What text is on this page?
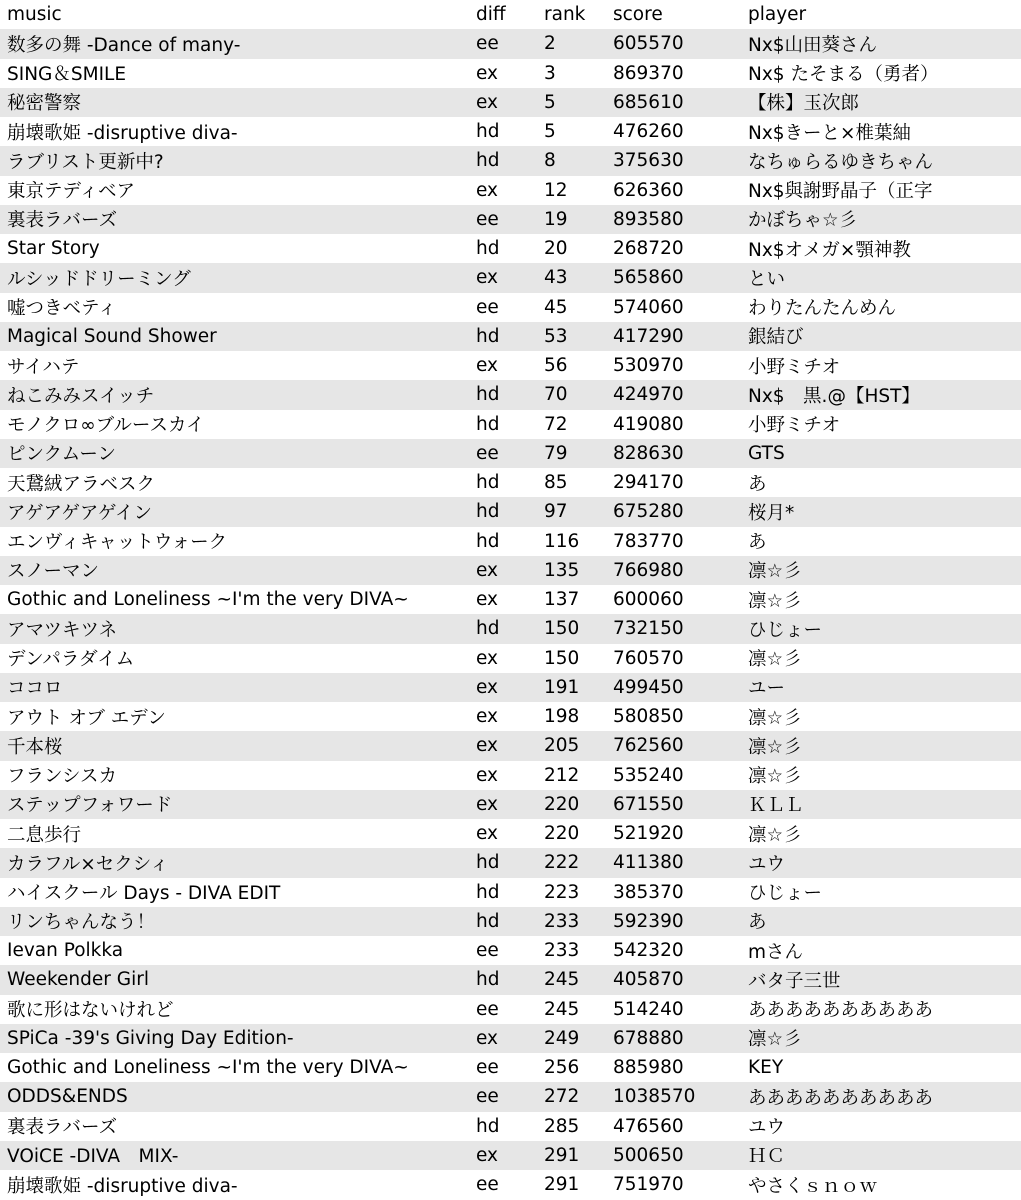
music	diff	rank	score	player
数多の舞 -Dance of many-	ee	2	605570	Nx$山田葵さん
SING＆SMILE	ex	3	869370	Nx$ たそまる（勇者）
秘密警察	ex	5	685610	【株】玉次郎
崩壊歌姫 -disruptive diva-	hd	5	476260	Nx$きーと×椎葉紬
ラブリスト更新中?	hd	8	375630	なちゅらるゆきちゃん
東京テディベア	ex	12	626360	Nx$與謝野晶子（正字
裏表ラバーズ	ee	19	893580	かぼちゃ☆彡
Star Story	hd	20	268720	Nx$オメガ×顎神教
ルシッドドリーミング	ex	43	565860	とい
嘘つきベティ	ee	45	574060	わりたんたんめん
Magical Sound Shower	hd	53	417290	銀結び
サイハテ	ex	56	530970	小野ミチオ
ねこみみスイッチ	hd	70	424970	Nx$　黒.@【HST】
モノクロ∞ブルースカイ	hd	72	419080	小野ミチオ
ピンクムーン	ee	79	828630	GTS
天鵞絨アラベスク	hd	85	294170	あ
アゲアゲアゲイン	hd	97	675280	桜月*
エンヴィキャットウォーク	hd	116	783770	あ
スノーマン	ex	135	766980	凛☆彡
Gothic and Loneliness ~I'm the very DIVA~	ex	137	600060	凛☆彡
アマツキツネ	hd	150	732150	ひじょー
デンパラダイム	ex	150	760570	凛☆彡
ココロ	ex	191	499450	ユー
アウト オブ エデン	ex	198	580850	凛☆彡
千本桜	ex	205	762560	凛☆彡
フランシスカ	ex	212	535240	凛☆彡
ステップフォワード	ex	220	671550	ＫＬＬ
二息歩行	ex	220	521920	凛☆彡
カラフル×セクシィ	hd	222	411380	ユウ
ハイスクール Days - DIVA EDIT	hd	223	385370	ひじょー
リンちゃんなう！	hd	233	592390	あ
Ievan Polkka	ee	233	542320	mさん
Weekender Girl	hd	245	405870	バタ子三世
歌に形はないけれど	ee	245	514240	ああああああああああ
SPiCa -39's Giving Day Edition-	ex	249	678880	凛☆彡
Gothic and Loneliness ~I'm the very DIVA~	ee	256	885980	KEY
ODDS&ENDS	ee	272	1038570	ああああああああああ
裏表ラバーズ	hd	285	476560	ユウ
VOiCE -DIVA　MIX-	ex	291	500650	ＨＣ
崩壊歌姫 -disruptive diva-	ee	291	751970	やさくｓｎｏｗ
